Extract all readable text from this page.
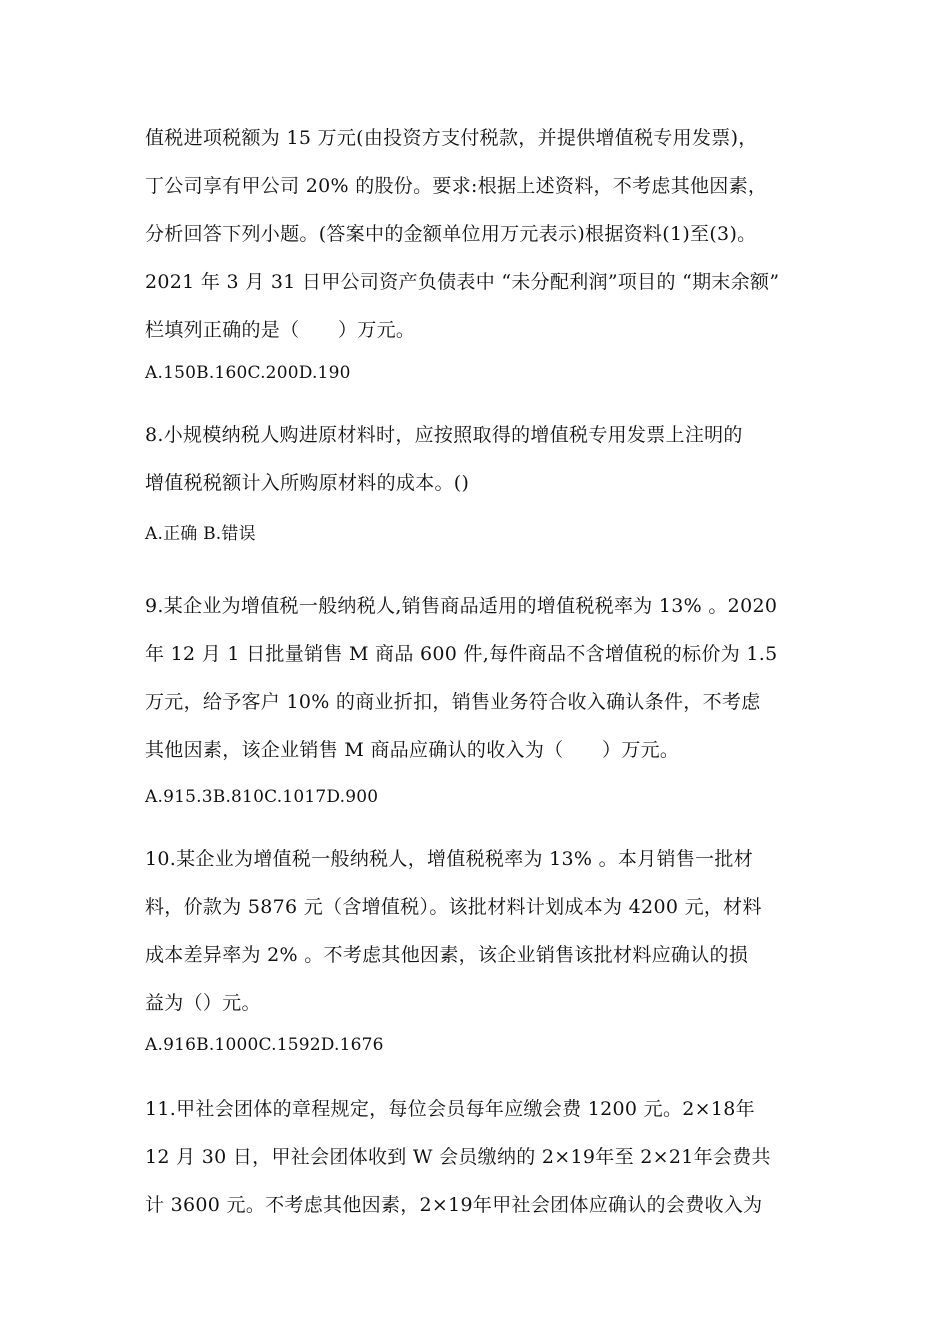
值税进项税额为 15 万元(由投资方支付税款，并提供增值税专用发票)，
丁公司享有甲公司 20% 的股份。要求:根据上述资料，不考虑其他因素，
分析回答下列小题。(答案中的金额单位用万元表示)根据资料(1)至(3)。
2021 年 3 月 31 日甲公司资产负债表中 “未分配利润”项目的 “期末余额”
栏填列正确的是（　　）万元。
A.150B.160C.200D.190
8.小规模纳税人购进原材料时，应按照取得的增值税专用发票上注明的
增值税税额计入所购原材料的成本。()
A.正确 B.错误
9.某企业为增值税一般纳税人,销售商品适用的增值税税率为 13% 。2020
年 12 月 1 日批量销售 M 商品 600 件,每件商品不含增值税的标价为 1.5
万元，给予客户 10% 的商业折扣，销售业务符合收入确认条件，不考虑
其他因素，该企业销售 M 商品应确认的收入为（　　）万元。
A.915.3B.810C.1017D.900
10.某企业为增值税一般纳税人，增值税税率为 13% 。本月销售一批材
料，价款为 5876 元（含增值税）。该批材料计划成本为 4200 元，材料
成本差异率为 2% 。不考虑其他因素，该企业销售该批材料应确认的损
益为（）元。
A.916B.1000C.1592D.1676
11.甲社会团体的章程规定，每位会员每年应缴会费 1200 元。2×18年
12 月 30 日，甲社会团体收到 W 会员缴纳的 2×19年至 2×21年会费共
计 3600 元。不考虑其他因素，2×19年甲社会团体应确认的会费收入为
